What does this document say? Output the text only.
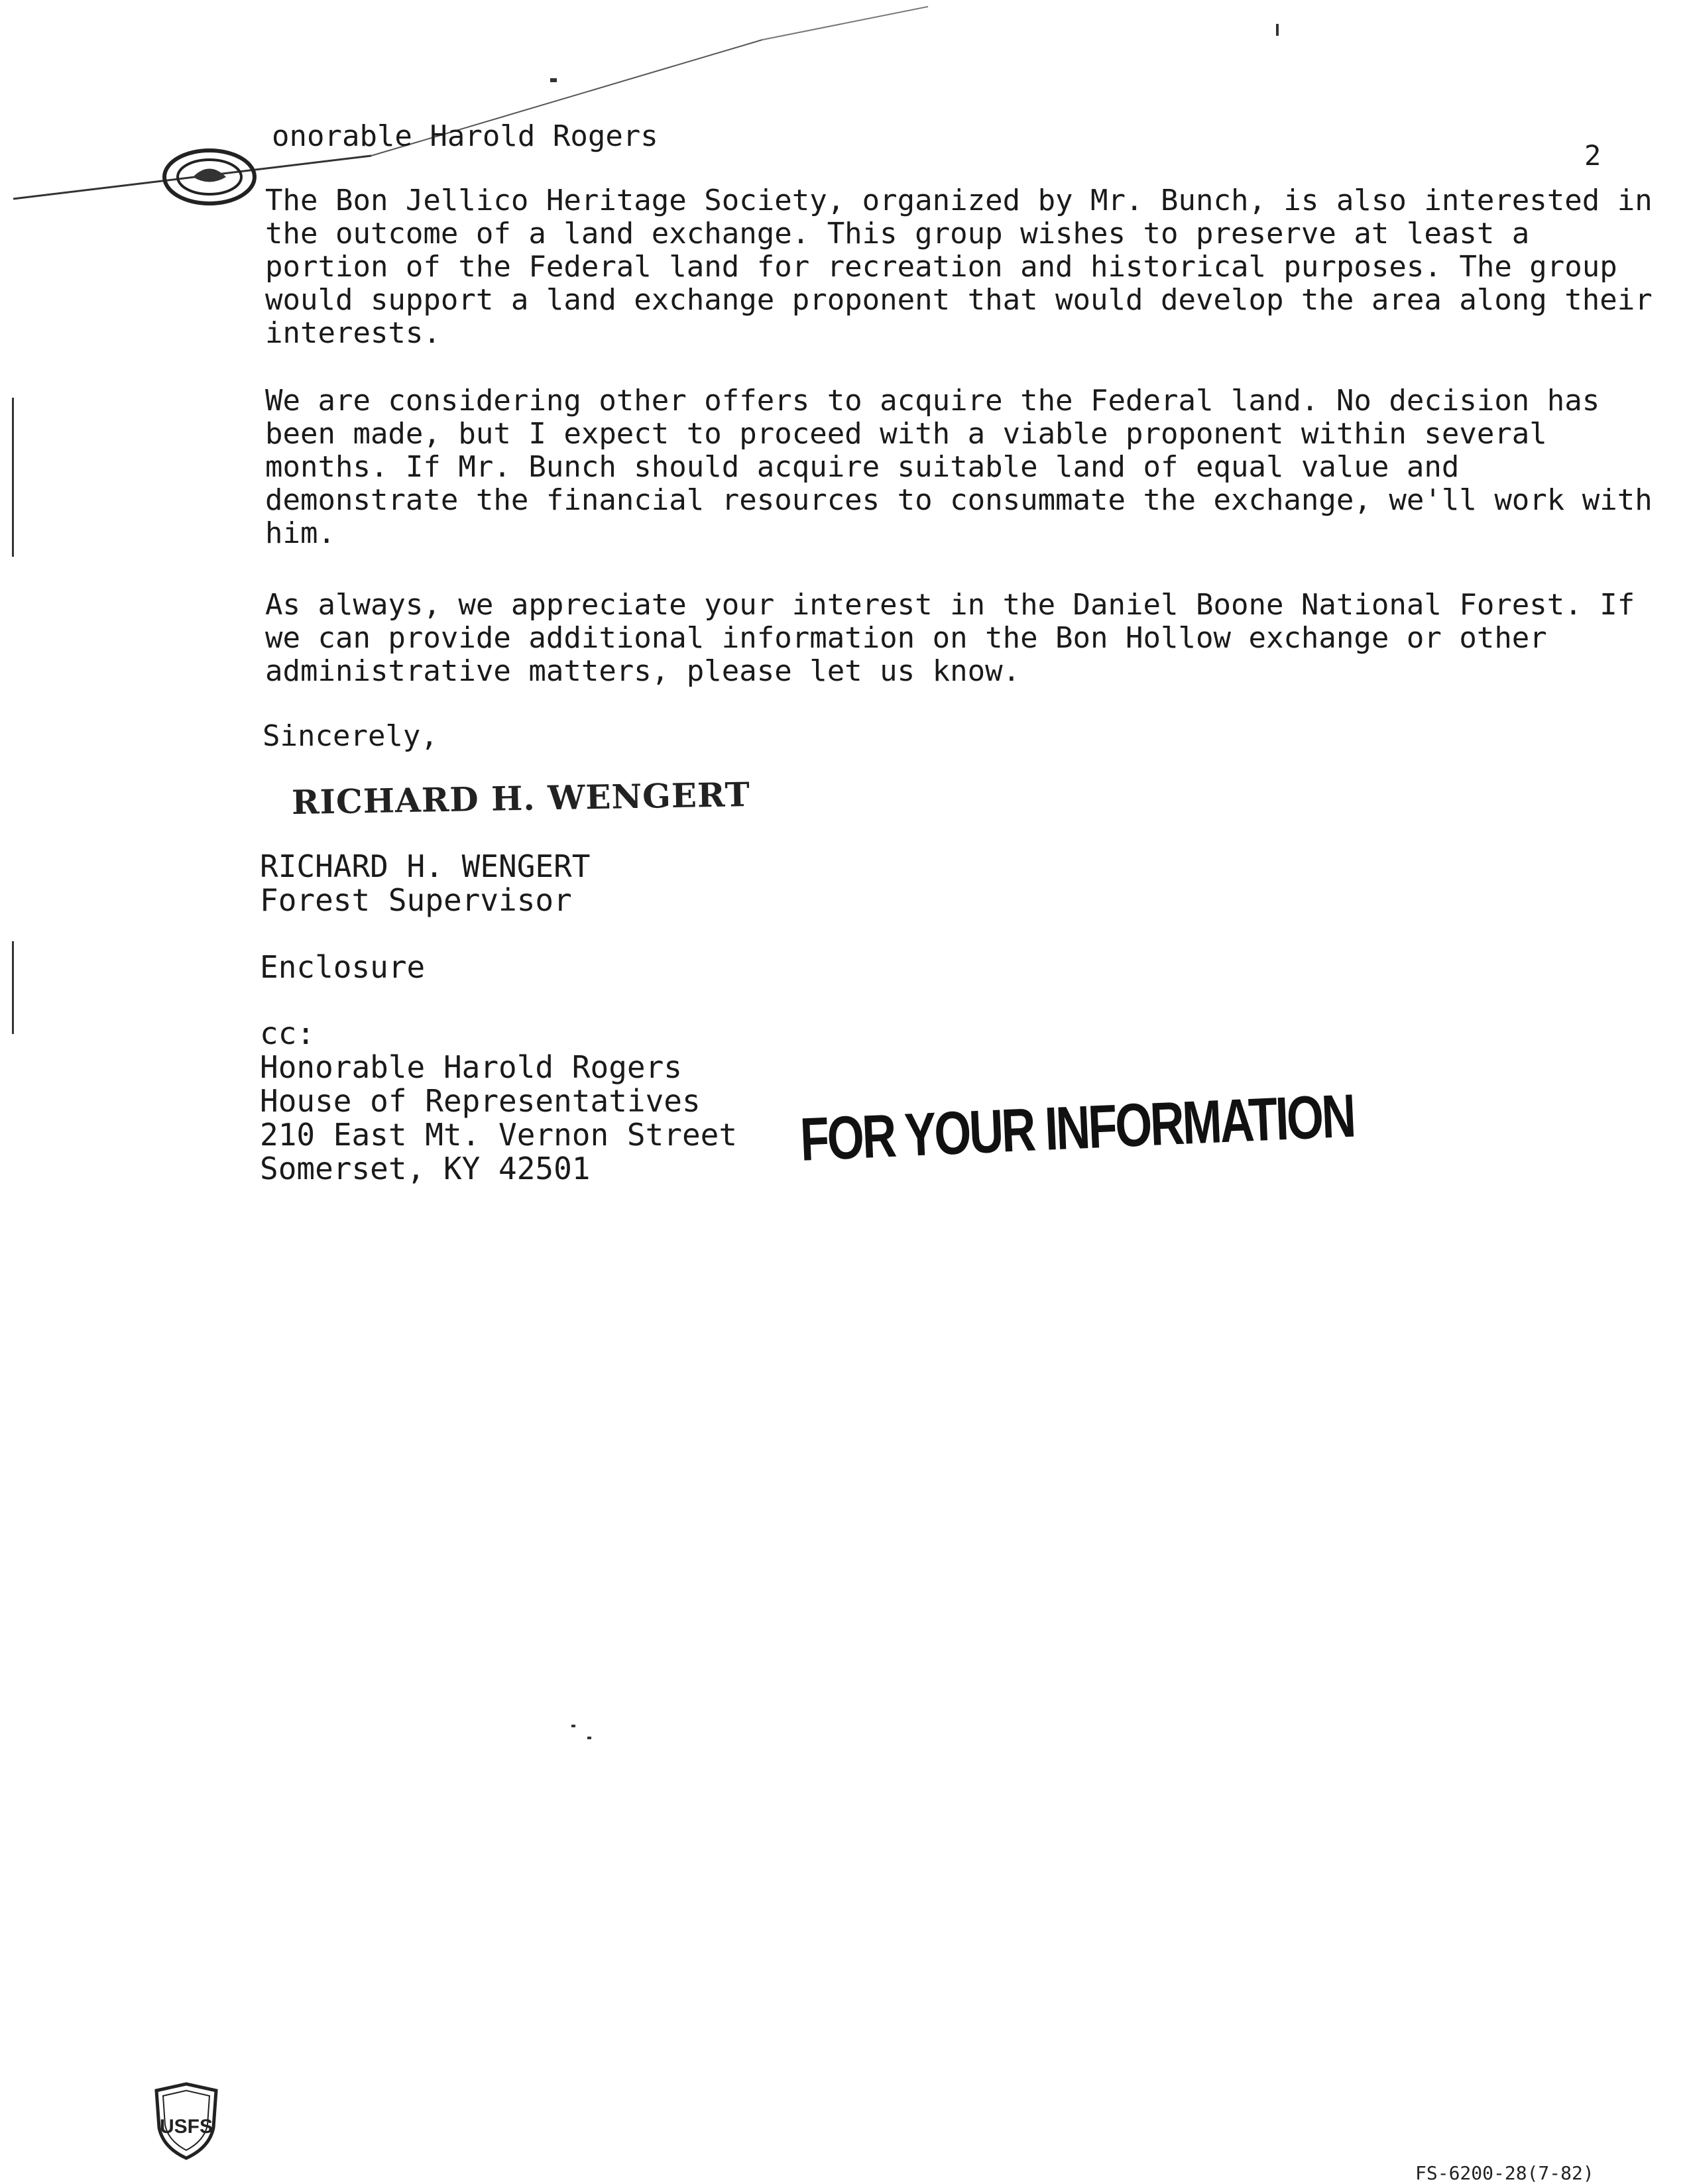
onorable Harold Rogers
2
The Bon Jellico Heritage Society, organized by Mr. Bunch, is also interested in
the outcome of a land exchange. This group wishes to preserve at least a
portion of the Federal land for recreation and historical purposes. The group
would support a land exchange proponent that would develop the area along their
interests.
We are considering other offers to acquire the Federal land. No decision has
been made, but I expect to proceed with a viable proponent within several
months. If Mr. Bunch should acquire suitable land of equal value and
demonstrate the financial resources to consummate the exchange, we'll work with
him.
As always, we appreciate your interest in the Daniel Boone National Forest. If
we can provide additional information on the Bon Hollow exchange or other
administrative matters, please let us know.
Sincerely,
RICHARD H. WENGERT
RICHARD H. WENGERT
Forest Supervisor
Enclosure
cc:
Honorable Harold Rogers
House of Representatives
210 East Mt. Vernon Street
Somerset, KY 42501	FOR YOUR INFORMATION
USFS
FS-6200-28(7-82)
